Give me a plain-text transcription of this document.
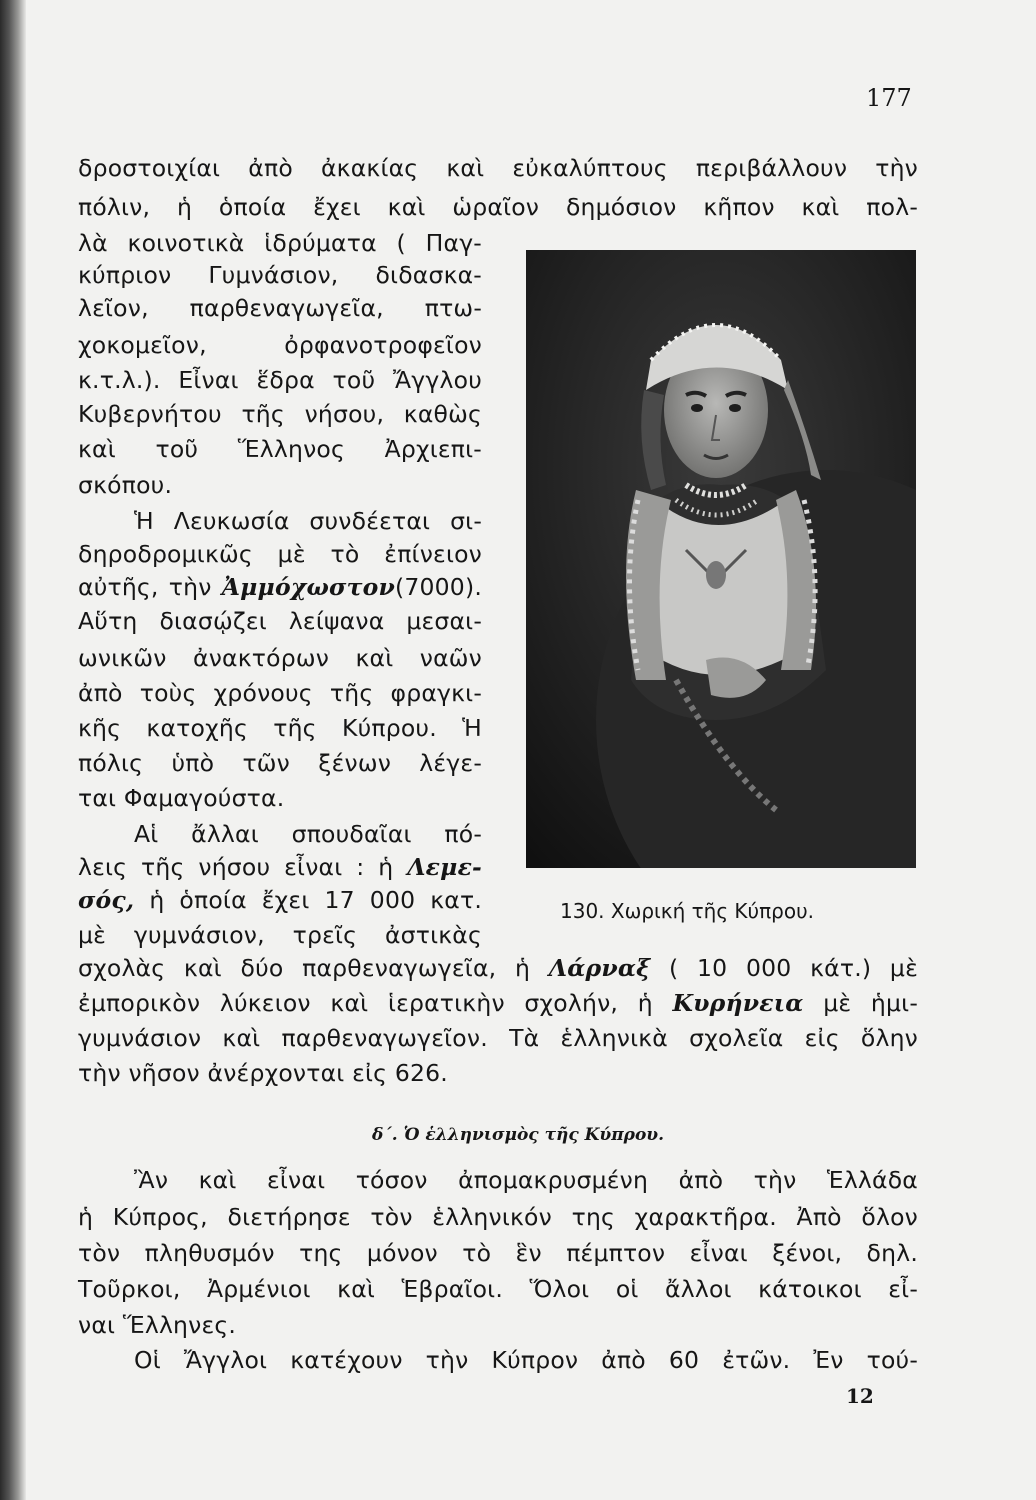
177
δροστοιχίαι ἀπὸ ἀκακίας καὶ εὐκαλύπτους περιβάλλουν τὴν
πόλιν, ἡ ὁποία ἔχει καὶ ὡραῖον δημόσιον κῆπον καὶ πολ-
λὰ κοινοτικὰ ἱδρύματα ( Παγ-
κύπριον Γυμνάσιον, διδασκα-
λεῖον, παρθεναγωγεῖα, πτω-
χοκομεῖον, ὀρφανοτροφεῖον
κ.τ.λ.). Εἶναι ἕδρα τοῦ Ἄγγλου
Κυβερνήτου τῆς νήσου, καθὼς
καὶ τοῦ Ἕλληνος Ἀρχιεπι-
σκόπου.
Ἡ Λευκωσία συνδέεται σι-
δηροδρομικῶς μὲ τὸ ἐπίνειον
αὐτῆς, τὴν Ἀμμόχωστον(7000).
Αὕτη διασῴζει λείψανα μεσαι-
ωνικῶν ἀνακτόρων καὶ ναῶν
ἀπὸ τοὺς χρόνους τῆς φραγκι-
κῆς κατοχῆς τῆς Κύπρου. Ἡ
πόλις ὑπὸ τῶν ξένων λέγε-
ται Φαμαγούστα.
Αἱ ἄλλαι σπουδαῖαι πό-
λεις τῆς νήσου εἶναι : ἡ Λεμε-
σός, ἡ ὁποία ἔχει 17 000 κατ.
μὲ γυμνάσιον, τρεῖς ἀστικὰς
σχολὰς καὶ δύο παρθεναγωγεῖα, ἡ Λάρναξ ( 10 000 κάτ.) μὲ
ἐμπορικὸν λύκειον καὶ ἱερατικὴν σχολήν, ἡ Κυρήνεια μὲ ἡμι-
γυμνάσιον καὶ παρθεναγωγεῖον. Τὰ ἑλληνικὰ σχολεῖα εἰς ὅλην
τὴν νῆσον ἀνέρχονται εἰς 626.
130. Χωρική τῆς Κύπρου.
δ΄. Ὁ ἑλληνισμὸς τῆς Κύπρου.
Ἂν καὶ εἶναι τόσον ἀπομακρυσμένη ἀπὸ τὴν Ἑλλάδα
ἡ Κύπρος, διετήρησε τὸν ἑλληνικόν της χαρακτῆρα. Ἀπὸ ὅλον
τὸν πληθυσμόν της μόνον τὸ ἓν πέμπτον εἶναι ξένοι, δηλ.
Τοῦρκοι, Ἀρμένιοι καὶ Ἑβραῖοι. Ὅλοι οἱ ἄλλοι κάτοικοι εἶ-
ναι Ἕλληνες.
Οἱ Ἄγγλοι κατέχουν τὴν Κύπρον ἀπὸ 60 ἐτῶν. Ἐν τού-
12
